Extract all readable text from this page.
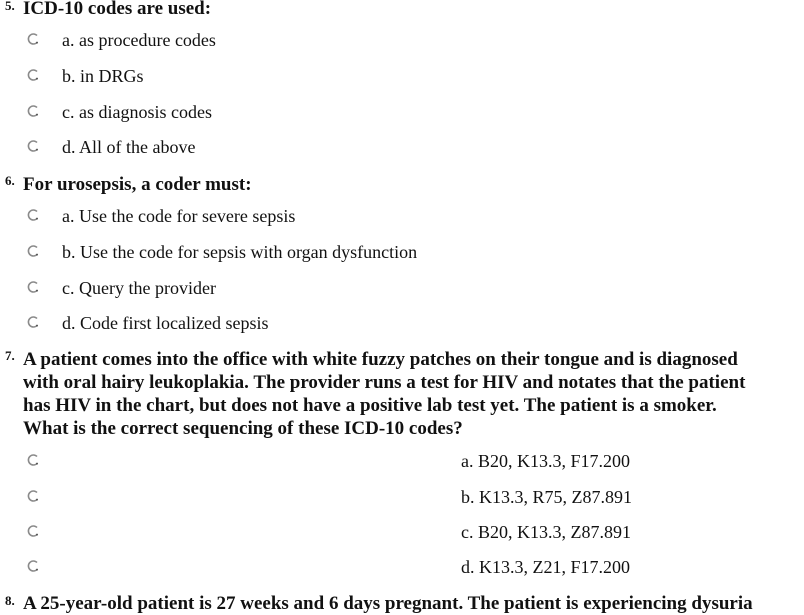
5. ICD-10 codes are used:
a. as procedure codes
b. in DRGs
c. as diagnosis codes
d. All of the above
6. For urosepsis, a coder must:
a. Use the code for severe sepsis
b. Use the code for sepsis with organ dysfunction
c. Query the provider
d. Code first localized sepsis
7. A patient comes into the office with white fuzzy patches on their tongue and is diagnosed
with oral hairy leukoplakia. The provider runs a test for HIV and notates that the patient
has HIV in the chart, but does not have a positive lab test yet. The patient is a smoker.
What is the correct sequencing of these ICD-10 codes?
a. B20, K13.3, F17.200
b. K13.3, R75, Z87.891
c. B20, K13.3, Z87.891
d. K13.3, Z21, F17.200
8. A 25-year-old patient is 27 weeks and 6 days pregnant. The patient is experiencing dysuria
